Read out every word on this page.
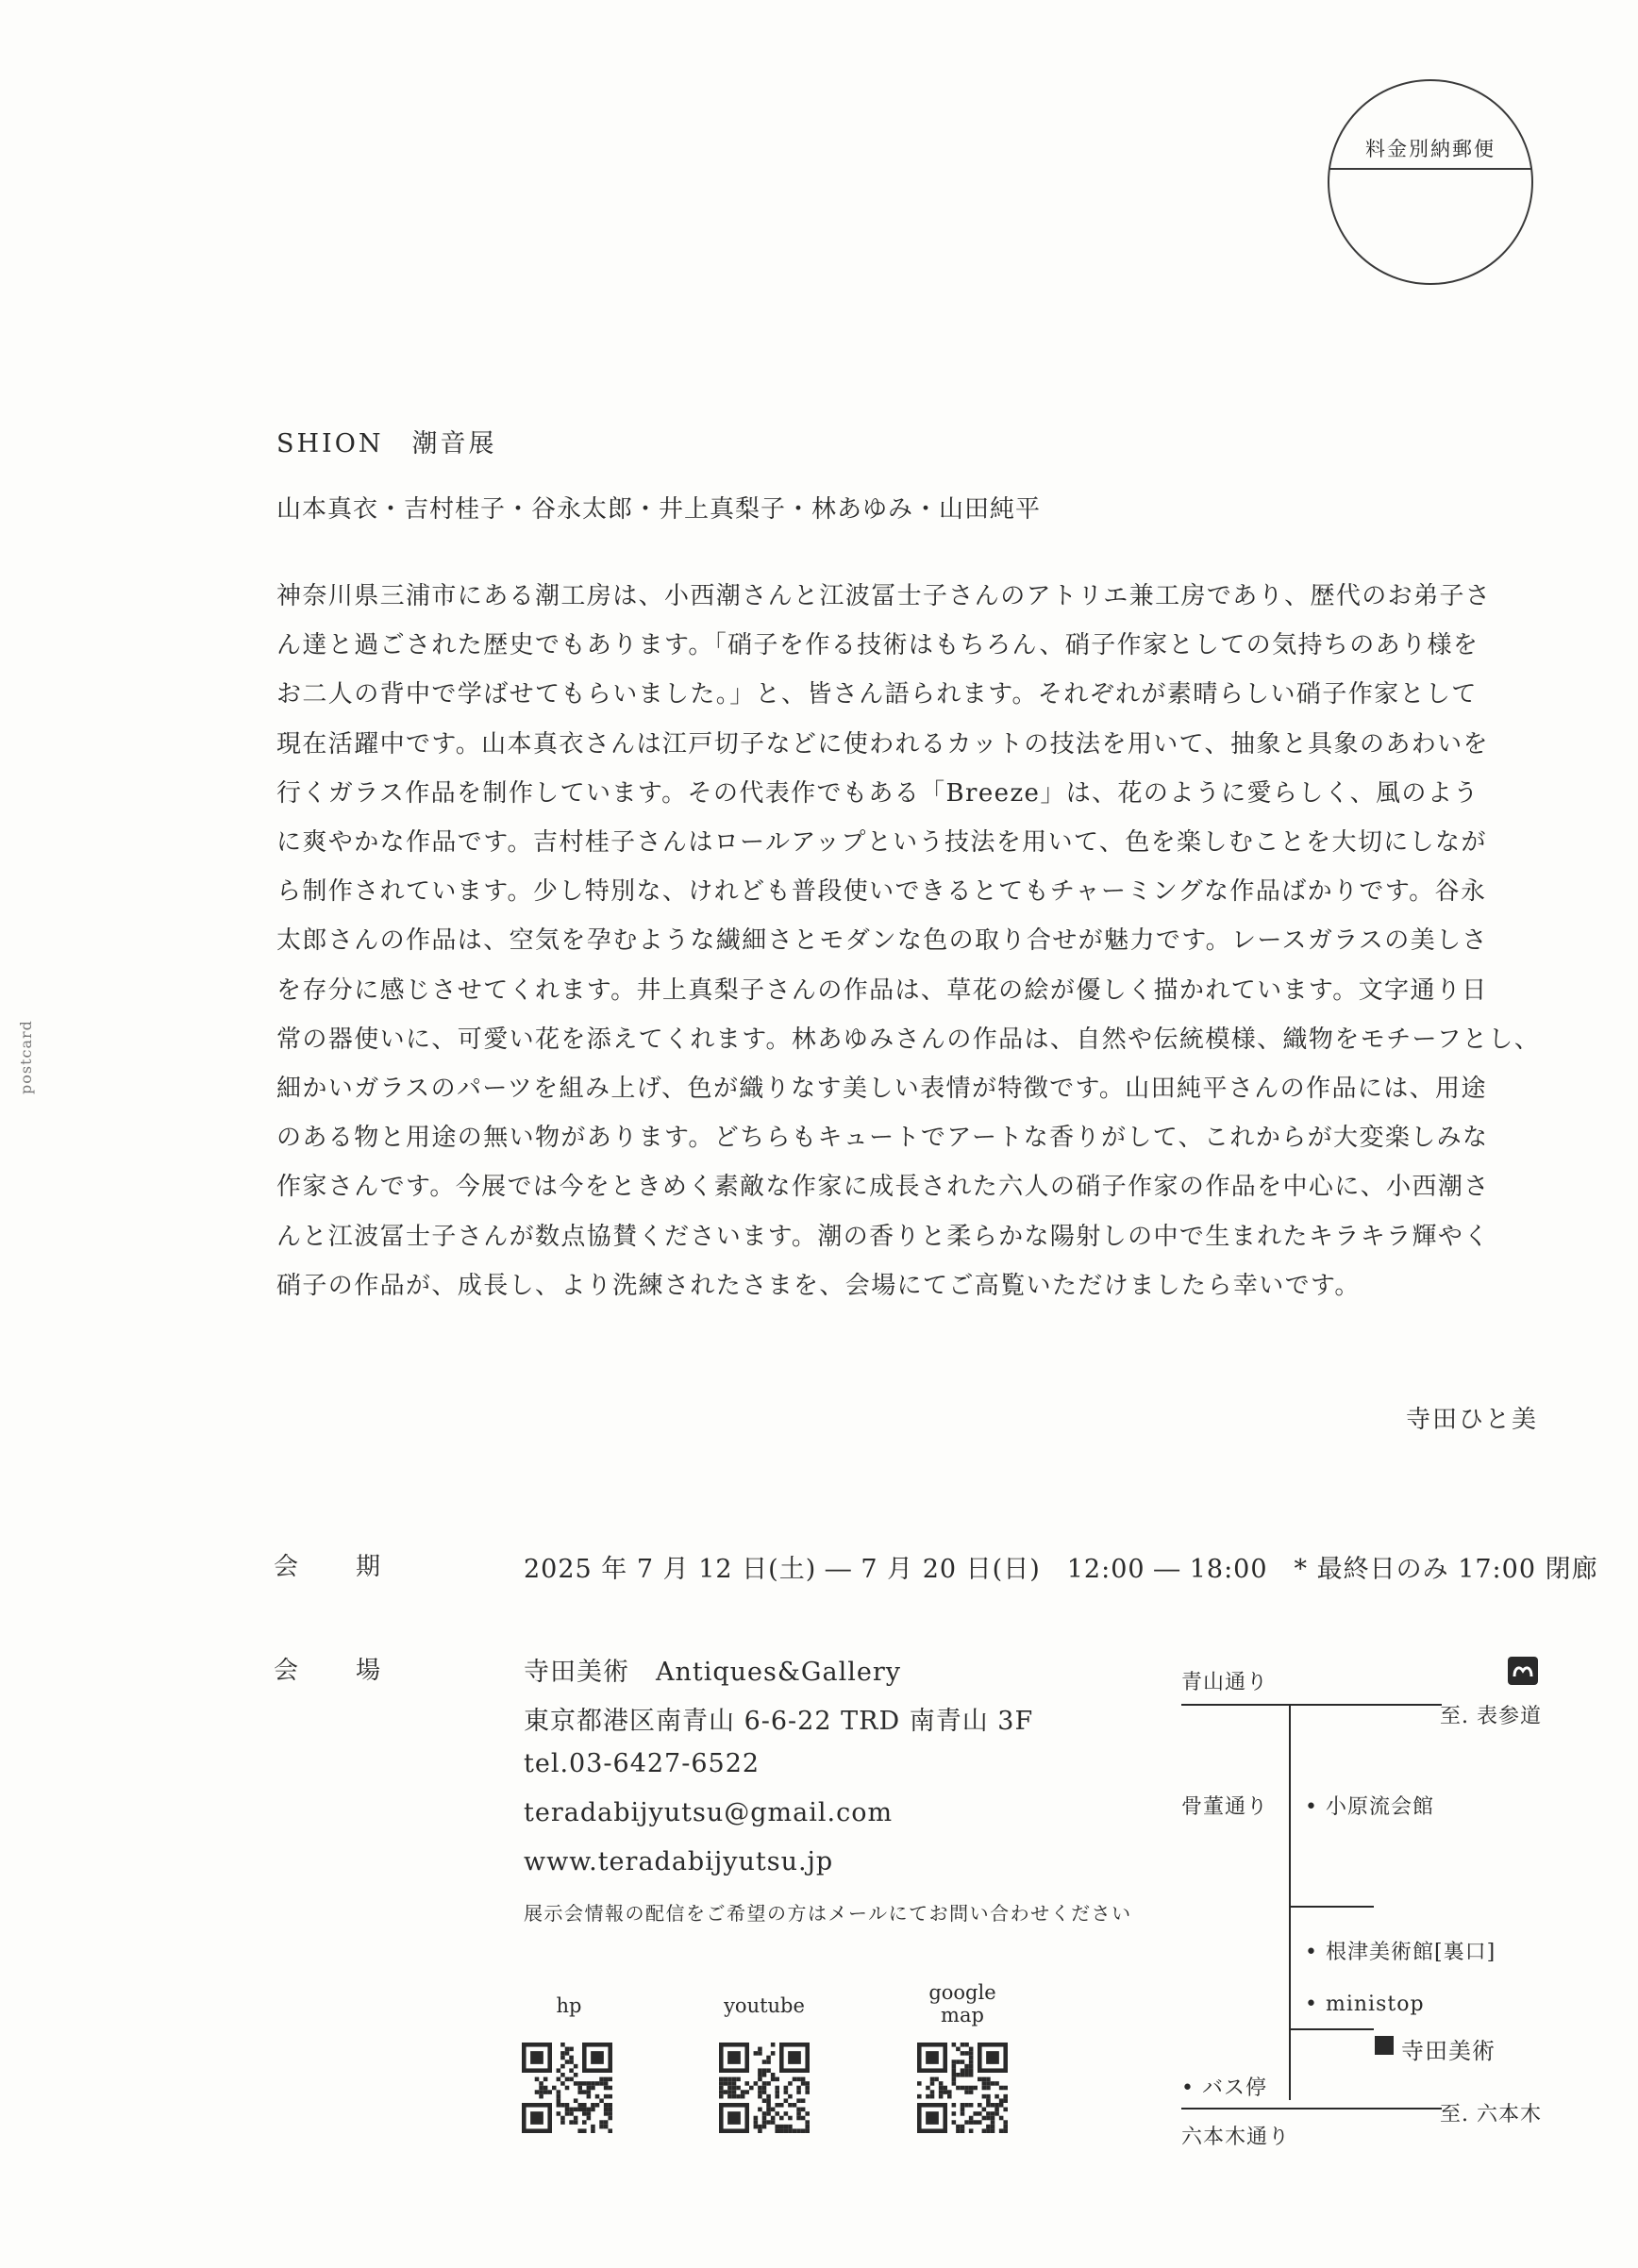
料金別納郵便
postcard
SHION　潮音展
山本真衣・吉村桂子・谷永太郎・井上真梨子・林あゆみ・山田純平
神奈川県三浦市にある潮工房は、小西潮さんと江波冨士子さんのアトリエ兼工房であり、歴代のお弟子さ
ん達と過ごされた歴史でもあります。「硝子を作る技術はもちろん、硝子作家としての気持ちのあり様を
お二人の背中で学ばせてもらいました。」と、皆さん語られます。それぞれが素晴らしい硝子作家として
現在活躍中です。山本真衣さんは江戸切子などに使われるカットの技法を用いて、抽象と具象のあわいを
行くガラス作品を制作しています。その代表作でもある「Breeze」は、花のように愛らしく、風のよう
に爽やかな作品です。吉村桂子さんはロールアップという技法を用いて、色を楽しむことを大切にしなが
ら制作されています。少し特別な、けれども普段使いできるとてもチャーミングな作品ばかりです。谷永
太郎さんの作品は、空気を孕むような繊細さとモダンな色の取り合せが魅力です。レースガラスの美しさ
を存分に感じさせてくれます。井上真梨子さんの作品は、草花の絵が優しく描かれています。文字通り日
常の器使いに、可愛い花を添えてくれます。林あゆみさんの作品は、自然や伝統模様、織物をモチーフとし、
細かいガラスのパーツを組み上げ、色が織りなす美しい表情が特徴です。山田純平さんの作品には、用途
のある物と用途の無い物があります。どちらもキュートでアートな香りがして、これからが大変楽しみな
作家さんです。今展では今をときめく素敵な作家に成長された六人の硝子作家の作品を中心に、小西潮さ
んと江波冨士子さんが数点協賛くださいます。潮の香りと柔らかな陽射しの中で生まれたキラキラ輝やく
硝子の作品が、成長し、より洗練されたさまを、会場にてご高覧いただけましたら幸いです。
寺田ひと美
会 期	2025 年 7 月 12 日(土) ― 7 月 20 日(日)　12:00 ― 18:00　* 最終日のみ 17:00 閉廊
会 場	寺田美術　Antiques&Gallery
東京都港区南青山 6-6-22 TRD 南青山 3F
tel.03-6427-6522
teradabijyutsu@gmail.com
www.teradabijyutsu.jp
展示会情報の配信をご希望の方はメールにてお問い合わせください
hp	youtube
google
map
青山通り
至. 表参道
骨董通り • 小原流会館
• 根津美術館[裏口]
• ministop
寺田美術
• バス停
至. 六本木
六本木通り
